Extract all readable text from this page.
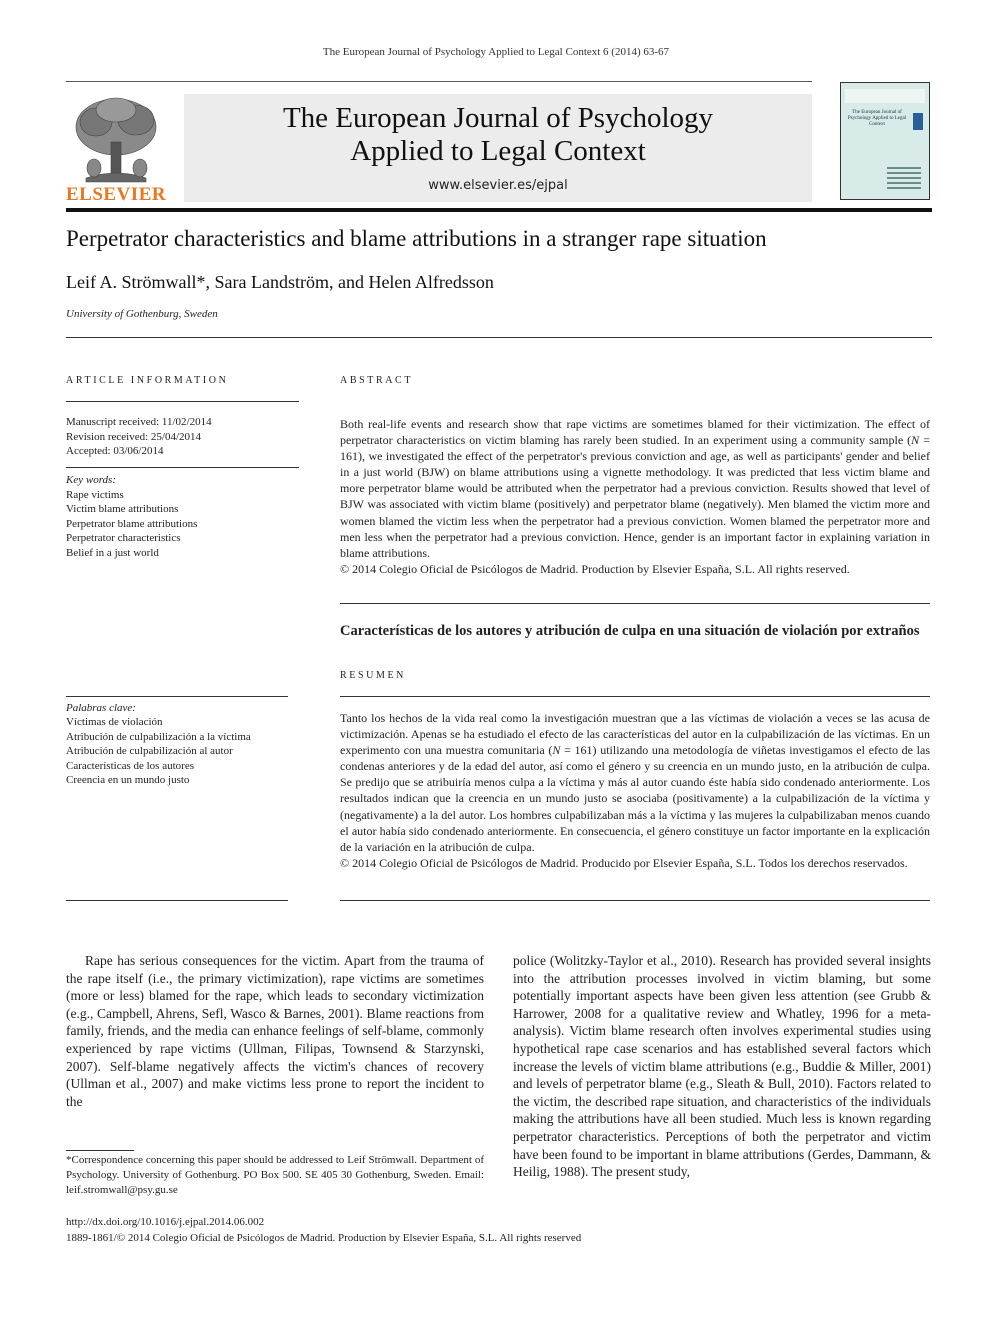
The European Journal of Psychology Applied to Legal Context 6 (2014) 63-67
ELSEVIER
The European Journal of Psychology
Applied to Legal Context
www.elsevier.es/ejpal
The European Journal of Psychology Applied to Legal Context
Perpetrator characteristics and blame attributions in a stranger rape situation
Leif A. Strömwall*, Sara Landström, and Helen Alfredsson
University of Gothenburg, Sweden
ARTICLE INFORMATION
Manuscript received: 11/02/2014
Revision received: 25/04/2014
Accepted: 03/06/2014
Key words:
Rape victims
Victim blame attributions
Perpetrator blame attributions
Perpetrator characteristics
Belief in a just world
Palabras clave:
Víctimas de violación
Atribución de culpabilización a la víctima
Atribución de culpabilización al autor
Características de los autores
Creencia en un mundo justo
ABSTRACT

Both real-life events and research show that rape victims are sometimes blamed for their victimization. The effect of perpetrator characteristics on victim blaming has rarely been studied. In an experiment using a community sample (N = 161), we investigated the effect of the perpetrator's previous conviction and age, as well as participants' gender and belief in a just world (BJW) on blame attributions using a vignette methodology. It was predicted that less victim blame and more perpetrator blame would be attributed when the perpetrator had a previous conviction. Results showed that level of BJW was associated with victim blame (positively) and perpetrator blame (negatively). Men blamed the victim more and women blamed the victim less when the perpetrator had a previous conviction. Women blamed the perpetrator more and men less when the perpetrator had a previous conviction. Hence, gender is an important factor in explaining variation in blame attributions.

© 2014 Colegio Oficial de Psicólogos de Madrid. Production by Elsevier España, S.L. All rights reserved.

Características de los autores y atribución de culpa en una situación de violación por extraños
RESUMEN

Tanto los hechos de la vida real como la investigación muestran que a las víctimas de violación a veces se las acusa de victimización. Apenas se ha estudiado el efecto de las características del autor en la culpabilización de las víctimas. En un experimento con una muestra comunitaria (N = 161) utilizando una metodología de viñetas investigamos el efecto de las condenas anteriores y de la edad del autor, así como el género y su creencia en un mundo justo, en la atribución de culpa. Se predijo que se atribuiría menos culpa a la víctima y más al autor cuando éste había sido condenado anteriormente. Los resultados indican que la creencia en un mundo justo se asociaba (positivamente) a la culpabilización de la víctima y (negativamente) a la del autor. Los hombres culpabilizaban más a la víctima y las mujeres la culpabilizaban menos cuando el autor había sido condenado anteriormente. En consecuencia, el género constituye un factor importante en la explicación de la variación en la atribución de culpa.

© 2014 Colegio Oficial de Psicólogos de Madrid. Producido por Elsevier España, S.L. Todos los derechos reservados.

Rape has serious consequences for the victim. Apart from the trauma of the rape itself (i.e., the primary victimization), rape victims are sometimes (more or less) blamed for the rape, which leads to secondary victimization (e.g., Campbell, Ahrens, Sefl, Wasco & Barnes, 2001). Blame reactions from family, friends, and the media can enhance feelings of self-blame, commonly experienced by rape victims (Ullman, Filipas, Townsend & Starzynski, 2007). Self-blame negatively affects the victim's chances of recovery (Ullman et al., 2007) and make victims less prone to report the incident to the
police (Wolitzky-Taylor et al., 2010). Research has provided several insights into the attribution processes involved in victim blaming, but some potentially important aspects have been given less attention (see Grubb & Harrower, 2008 for a qualitative review and Whatley, 1996 for a meta-analysis). Victim blame research often involves experimental studies using hypothetical rape case scenarios and has established several factors which increase the levels of victim blame attributions (e.g., Buddie & Miller, 2001) and levels of perpetrator blame (e.g., Sleath & Bull, 2010). Factors related to the victim, the described rape situation, and characteristics of the individuals making the attributions have all been studied. Much less is known regarding perpetrator characteristics. Perceptions of both the perpetrator and victim have been found to be important in blame attributions (Gerdes, Dammann, & Heilig, 1988). The present study,
*Correspondence concerning this paper should be addressed to Leif Strömwall. Department of Psychology. University of Gothenburg. PO Box 500. SE 405 30 Gothenburg, Sweden. Email: leif.stromwall@psy.gu.se
http://dx.doi.org/10.1016/j.ejpal.2014.06.002
1889-1861/© 2014 Colegio Oficial de Psicólogos de Madrid. Production by Elsevier España, S.L. All rights reserved
